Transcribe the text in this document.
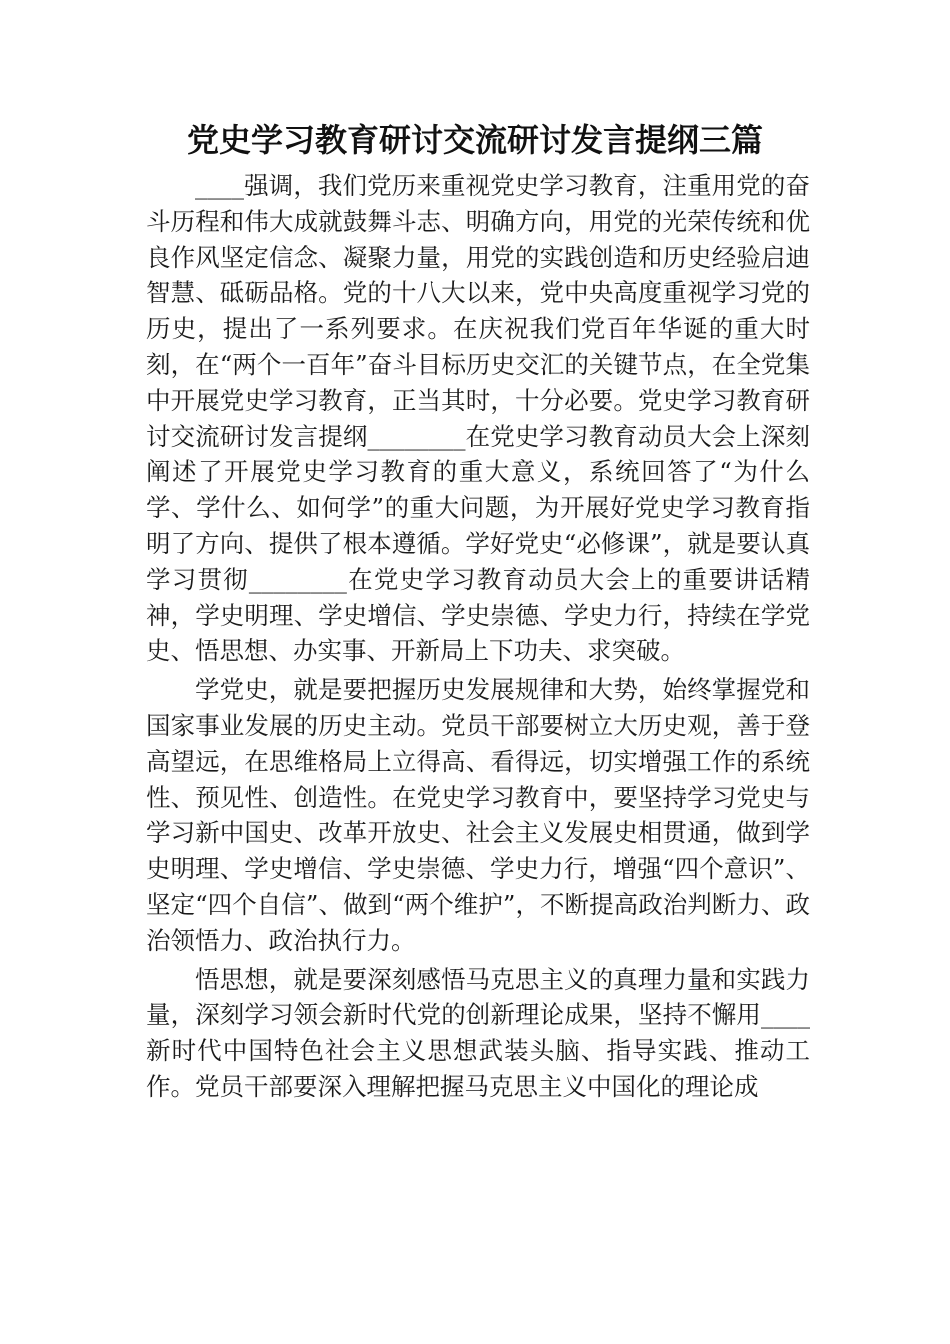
党史学习教育研讨交流研讨发言提纲三篇

____强调，我们党历来重视党史学习教育，注重用党的奋斗历程和伟大成就鼓舞斗志、明确方向，用党的光荣传统和优良作风坚定信念、凝聚力量，用党的实践创造和历史经验启迪智慧、砥砺品格。党的十八大以来，党中央高度重视学习党的历史，提出了一系列要求。在庆祝我们党百年华诞的重大时刻，在“两个一百年”奋斗目标历史交汇的关键节点，在全党集中开展党史学习教育，正当其时，十分必要。党史学习教育研讨交流研讨发言提纲________在党史学习教育动员大会上深刻阐述了开展党史学习教育的重大意义，系统回答了“为什么学、学什么、如何学”的重大问题，为开展好党史学习教育指明了方向、提供了根本遵循。学好党史“必修课”，就是要认真学习贯彻________在党史学习教育动员大会上的重要讲话精神，学史明理、学史增信、学史崇德、学史力行，持续在学党史、悟思想、办实事、开新局上下功夫、求突破。

学党史，就是要把握历史发展规律和大势，始终掌握党和国家事业发展的历史主动。党员干部要树立大历史观，善于登高望远，在思维格局上立得高、看得远，切实增强工作的系统性、预见性、创造性。在党史学习教育中，要坚持学习党史与学习新中国史、改革开放史、社会主义发展史相贯通，做到学史明理、学史增信、学史崇德、学史力行，增强“四个意识”、坚定“四个自信”、做到“两个维护”，不断提高政治判断力、政治领悟力、政治执行力。

悟思想，就是要深刻感悟马克思主义的真理力量和实践力量，深刻学习领会新时代党的创新理论成果，坚持不懈用____新时代中国特色社会主义思想武装头脑、指导实践、推动工作。党员干部要深入理解把握马克思主义中国化的理论成
